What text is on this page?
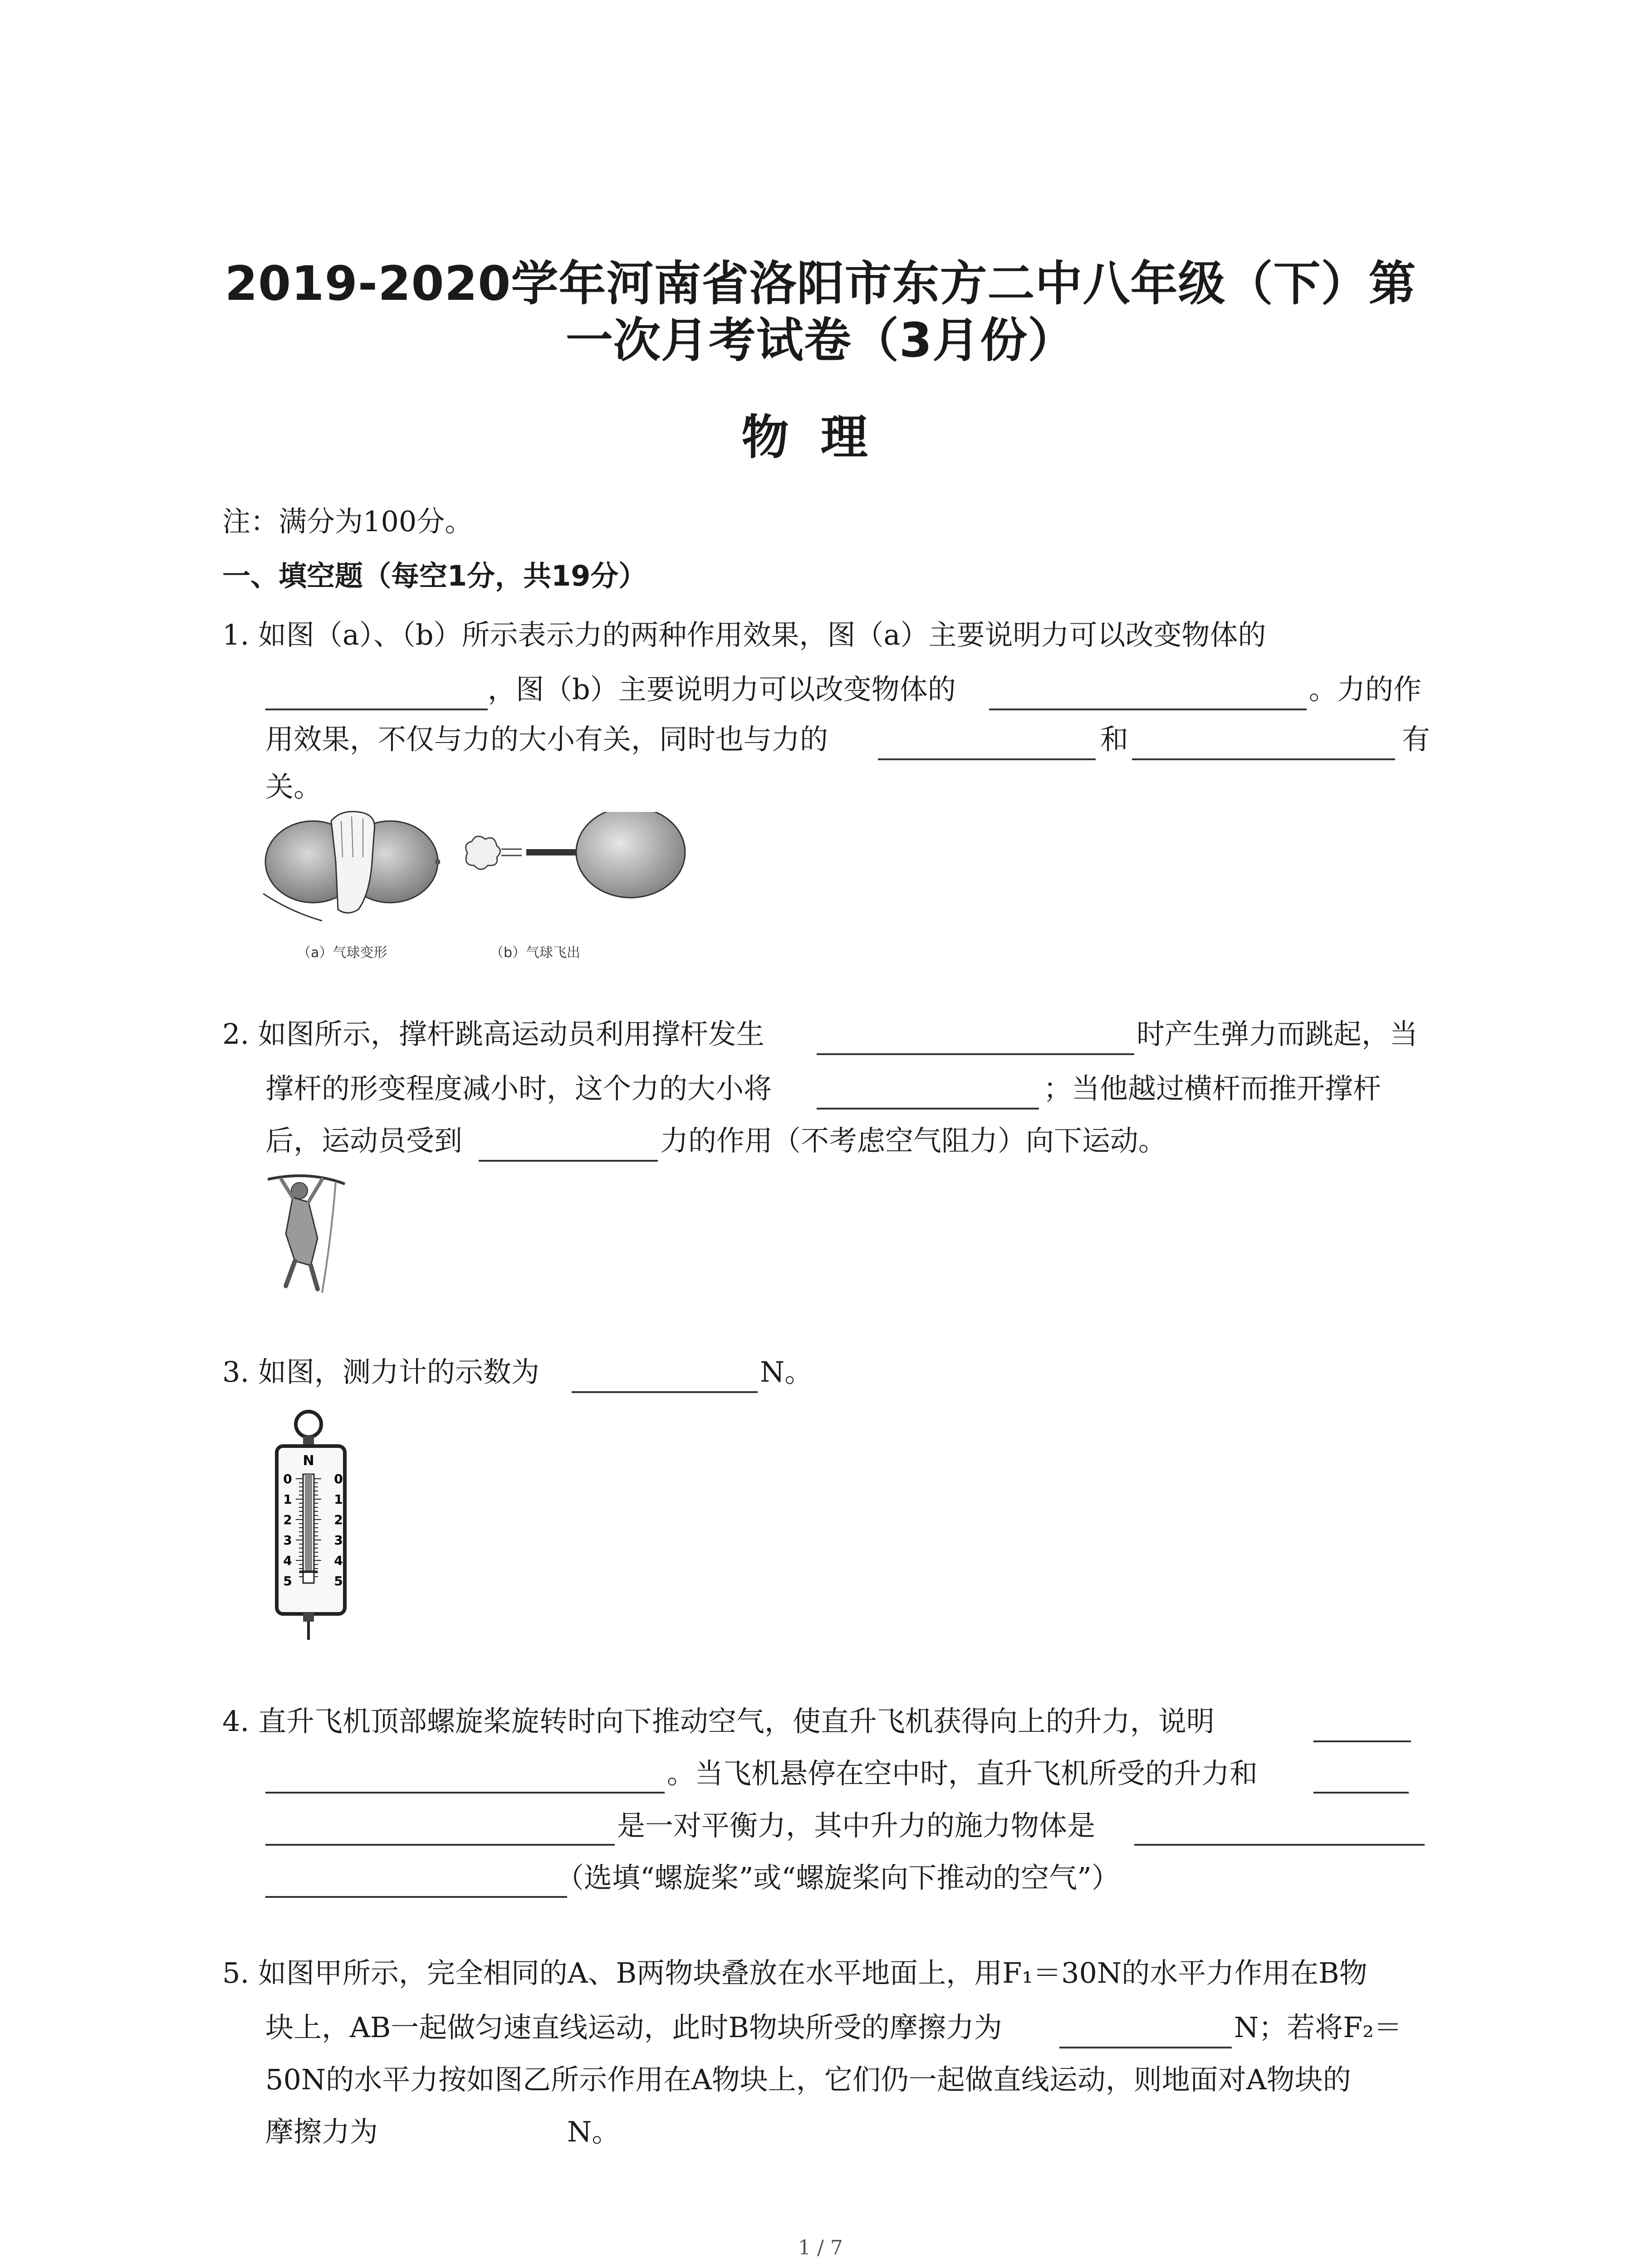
2019-2020学年河南省洛阳市东方二中八年级（下）第
一次月考试卷（3月份）
物理
注：满分为100分。
一、填空题（每空1分，共19分）
1. 如图（a）、（b）所示表示力的两种作用效果，图（a）主要说明力可以改变物体的
，图（b）主要说明力可以改变物体的	。力的作
用效果，不仅与力的大小有关，同时也与力的	和	有
关。
（a）气球变形	（b）气球飞出
2. 如图所示，撑杆跳高运动员利用撑杆发生	时产生弹力而跳起，当
撑杆的形变程度减小时，这个力的大小将	；当他越过横杆而推开撑杆
后，运动员受到	力的作用（不考虑空气阻力）向下运动。
3. 如图，测力计的示数为	N。
N
0	0
1	1
2	2
3	3
4	4
5	5
4. 直升飞机顶部螺旋桨旋转时向下推动空气，使直升飞机获得向上的升力，说明
。当飞机悬停在空中时，直升飞机所受的升力和
是一对平衡力，其中升力的施力物体是
（选填“螺旋桨”或“螺旋桨向下推动的空气”）
5. 如图甲所示，完全相同的A、B两物块叠放在水平地面上，用F₁＝30N的水平力作用在B物
块上，AB一起做匀速直线运动，此时B物块所受的摩擦力为	N；若将F₂＝
50N的水平力按如图乙所示作用在A物块上，它们仍一起做直线运动，则地面对A物块的
摩擦力为	N。
1 / 7
